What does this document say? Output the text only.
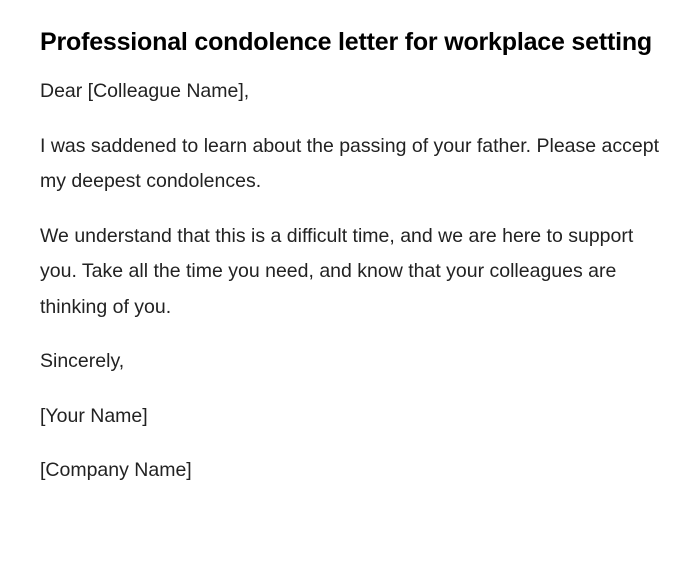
Professional condolence letter for workplace setting

Dear [Colleague Name],

I was saddened to learn about the passing of your father. Please accept my deepest condolences.

We understand that this is a difficult time, and we are here to support you. Take all the time you need, and know that your colleagues are thinking of you.

Sincerely,

[Your Name]

[Company Name]
